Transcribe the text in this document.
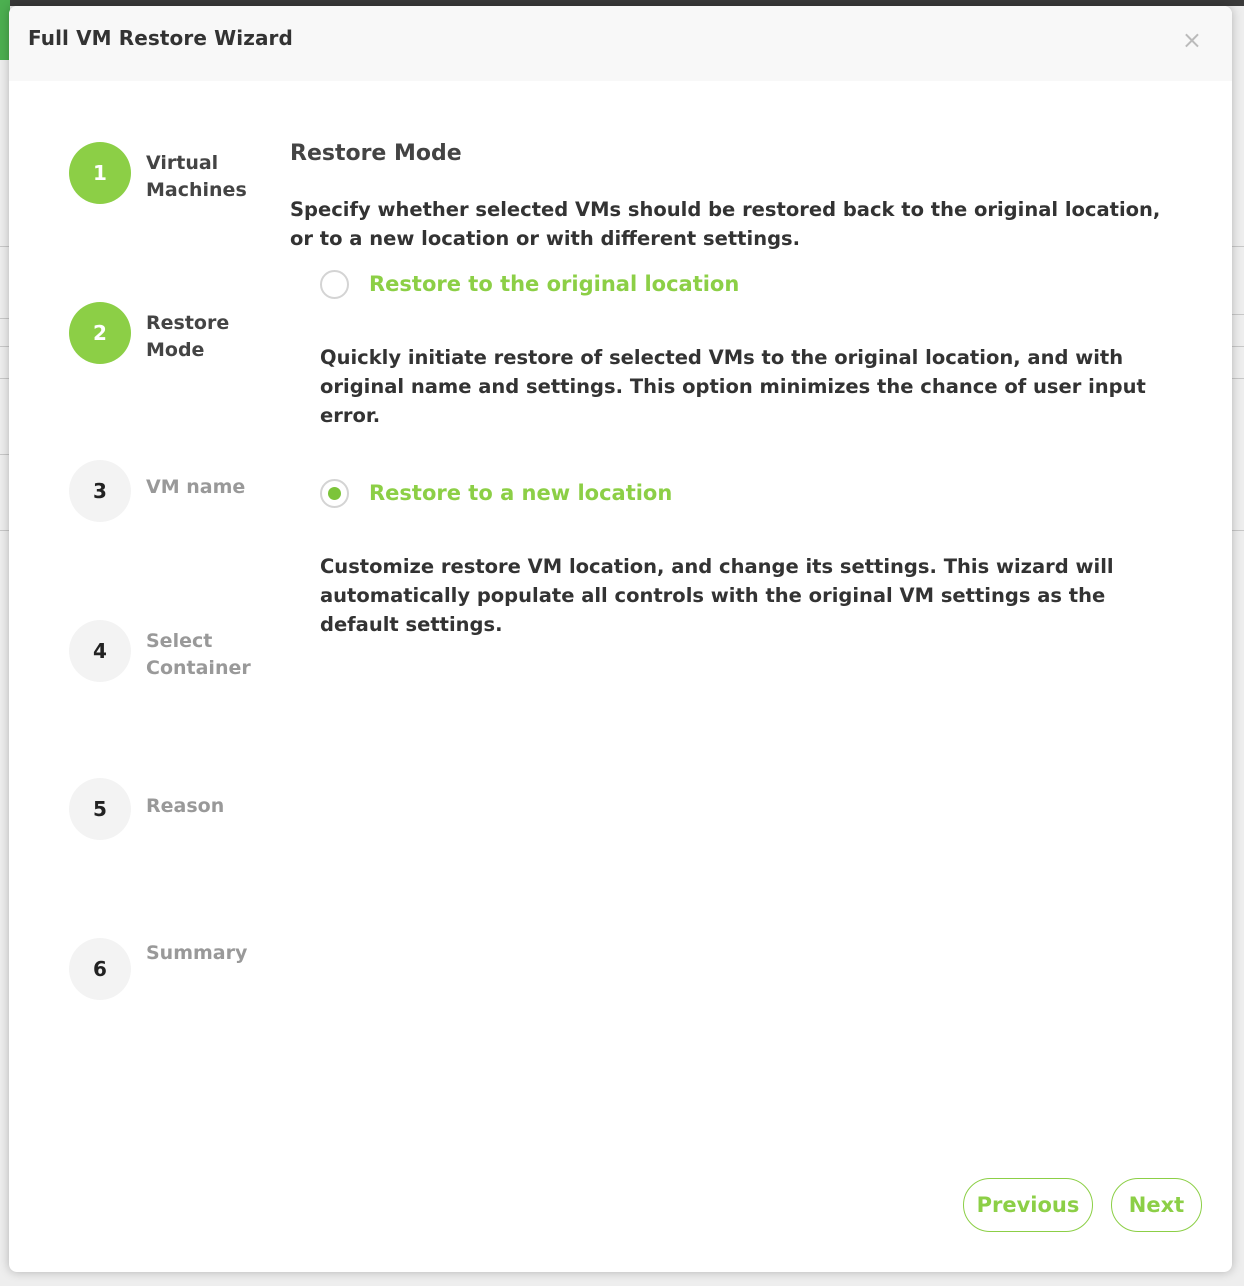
Full VM Restore Wizard	×
1	Virtual Machines
2	Restore Mode
3	VM name
4	Select Container
5	Reason
6
Summary
Restore Mode
Specify whether selected VMs should be restored back to the original location, or to a new location or with different settings.
Restore to the original location
Quickly initiate restore of selected VMs to the original location, and with original name and settings. This option minimizes the chance of user input error.
Restore to a new location
Customize restore VM location, and change its settings. This wizard will automatically populate all controls with the original VM settings as the default settings.
Previous	Next
